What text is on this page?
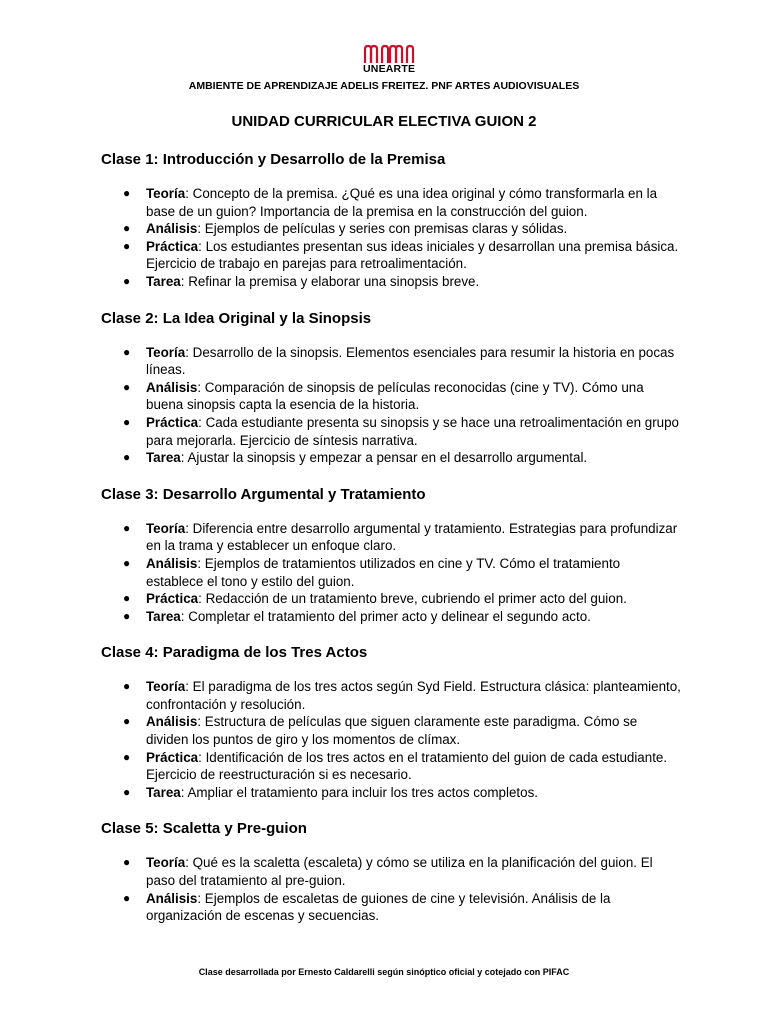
UNEARTE
AMBIENTE DE APRENDIZAJE ADELIS FREITEZ. PNF ARTES AUDIOVISUALES
UNIDAD CURRICULAR ELECTIVA GUION 2
Clase 1: Introducción y Desarrollo de la Premisa
● Teoría: Concepto de la premisa. ¿Qué es una idea original y cómo transformarla en la base de un guion? Importancia de la premisa en la construcción del guion.
● Análisis: Ejemplos de películas y series con premisas claras y sólidas.
● Práctica: Los estudiantes presentan sus ideas iniciales y desarrollan una premisa básica. Ejercicio de trabajo en parejas para retroalimentación.
● Tarea: Refinar la premisa y elaborar una sinopsis breve.
Clase 2: La Idea Original y la Sinopsis
● Teoría: Desarrollo de la sinopsis. Elementos esenciales para resumir la historia en pocas líneas.
● Análisis: Comparación de sinopsis de películas reconocidas (cine y TV). Cómo una buena sinopsis capta la esencia de la historia.
● Práctica: Cada estudiante presenta su sinopsis y se hace una retroalimentación en grupo para mejorarla. Ejercicio de síntesis narrativa.
● Tarea: Ajustar la sinopsis y empezar a pensar en el desarrollo argumental.
Clase 3: Desarrollo Argumental y Tratamiento
● Teoría: Diferencia entre desarrollo argumental y tratamiento. Estrategias para profundizar en la trama y establecer un enfoque claro.
● Análisis: Ejemplos de tratamientos utilizados en cine y TV. Cómo el tratamiento establece el tono y estilo del guion.
● Práctica: Redacción de un tratamiento breve, cubriendo el primer acto del guion.
● Tarea: Completar el tratamiento del primer acto y delinear el segundo acto.
Clase 4: Paradigma de los Tres Actos
● Teoría: El paradigma de los tres actos según Syd Field. Estructura clásica: planteamiento, confrontación y resolución.
● Análisis: Estructura de películas que siguen claramente este paradigma. Cómo se dividen los puntos de giro y los momentos de clímax.
● Práctica: Identificación de los tres actos en el tratamiento del guion de cada estudiante. Ejercicio de reestructuración si es necesario.
● Tarea: Ampliar el tratamiento para incluir los tres actos completos.
Clase 5: Scaletta y Pre-guion
● Teoría: Qué es la scaletta (escaleta) y cómo se utiliza en la planificación del guion. El paso del tratamiento al pre-guion.
● Análisis: Ejemplos de escaletas de guiones de cine y televisión. Análisis de la organización de escenas y secuencias.
Clase desarrollada por Ernesto Caldarelli según sinóptico oficial y cotejado con PIFAC
